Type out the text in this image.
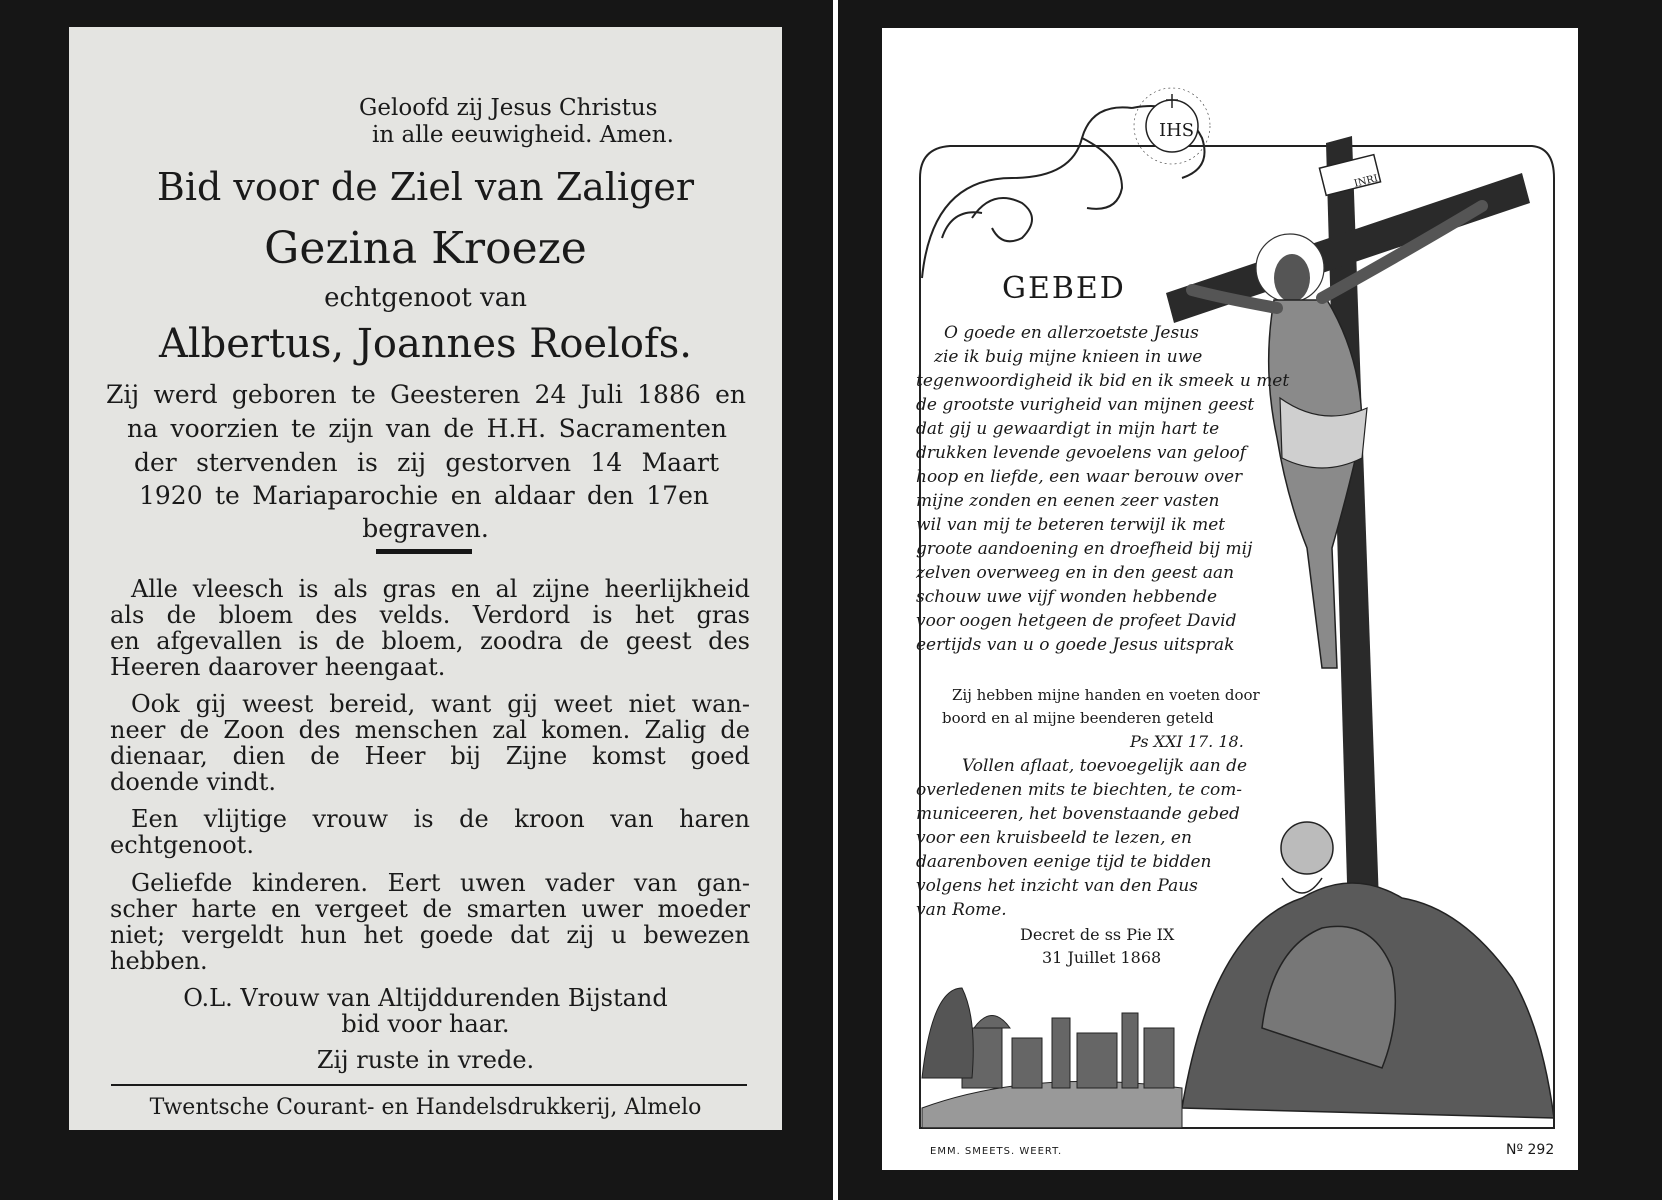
Geloofd zij Jesus Christus
in alle eeuwigheid. Amen.
Bid voor de Ziel van Zaliger
Gezina Kroeze
echtgenoot van
Albertus, Joannes Roelofs.
Zij werd geboren te Geesteren 24 Juli 1886 en
na voorzien te zijn van de H.H. Sacramenten
der stervenden is zij gestorven 14 Maart
1920 te Mariaparochie en aldaar den 17en
begraven.
Alle vleesch is als gras en al zijne heerlijkheid
als de bloem des velds. Verdord is het gras
en afgevallen is de bloem, zoodra de geest des
Heeren daarover heengaat.
Ook gij weest bereid, want gij weet niet wan-
neer de Zoon des menschen zal komen. Zalig de
dienaar, dien de Heer bij Zijne komst goed
doende vindt.
Een vlijtige vrouw is de kroon van haren
echtgenoot.
Geliefde kinderen. Eert uwen vader van gan-
scher harte en vergeet de smarten uwer moeder
niet; vergeldt hun het goede dat zij u bewezen
hebben.
O.L. Vrouw van Altijddurenden Bijstand
bid voor haar.
Zij ruste in vrede.
Twentsche Courant- en Handelsdrukkerij, Almelo
IHS
INRI
GEBED
O goede en allerzoetste Jesus
zie ik buig mijne knieen in uwe
tegenwoordigheid ik bid en ik smeek u met
de grootste vurigheid van mijnen geest
dat gij u gewaardigt in mijn hart te
drukken levende gevoelens van geloof
hoop en liefde, een waar berouw over
mijne zonden en eenen zeer vasten
wil van mij te beteren terwijl ik met
groote aandoening en droefheid bij mij
zelven overweeg en in den geest aan
schouw uwe vijf wonden hebbende
voor oogen hetgeen de profeet David
eertijds van u o goede Jesus uitsprak
Zij hebben mijne handen en voeten door
boord en al mijne beenderen geteld
Ps XXI 17. 18.
Vollen aflaat, toevoegelijk aan de
overledenen mits te biechten, te com-
municeeren, het bovenstaande gebed
voor een kruisbeeld te lezen, en
daarenboven eenige tijd te bidden
volgens het inzicht van den Paus
van Rome.
Decret de ss Pie IX
31 Juillet 1868
EMM. SMEETS. WEERT.	Nº 292
